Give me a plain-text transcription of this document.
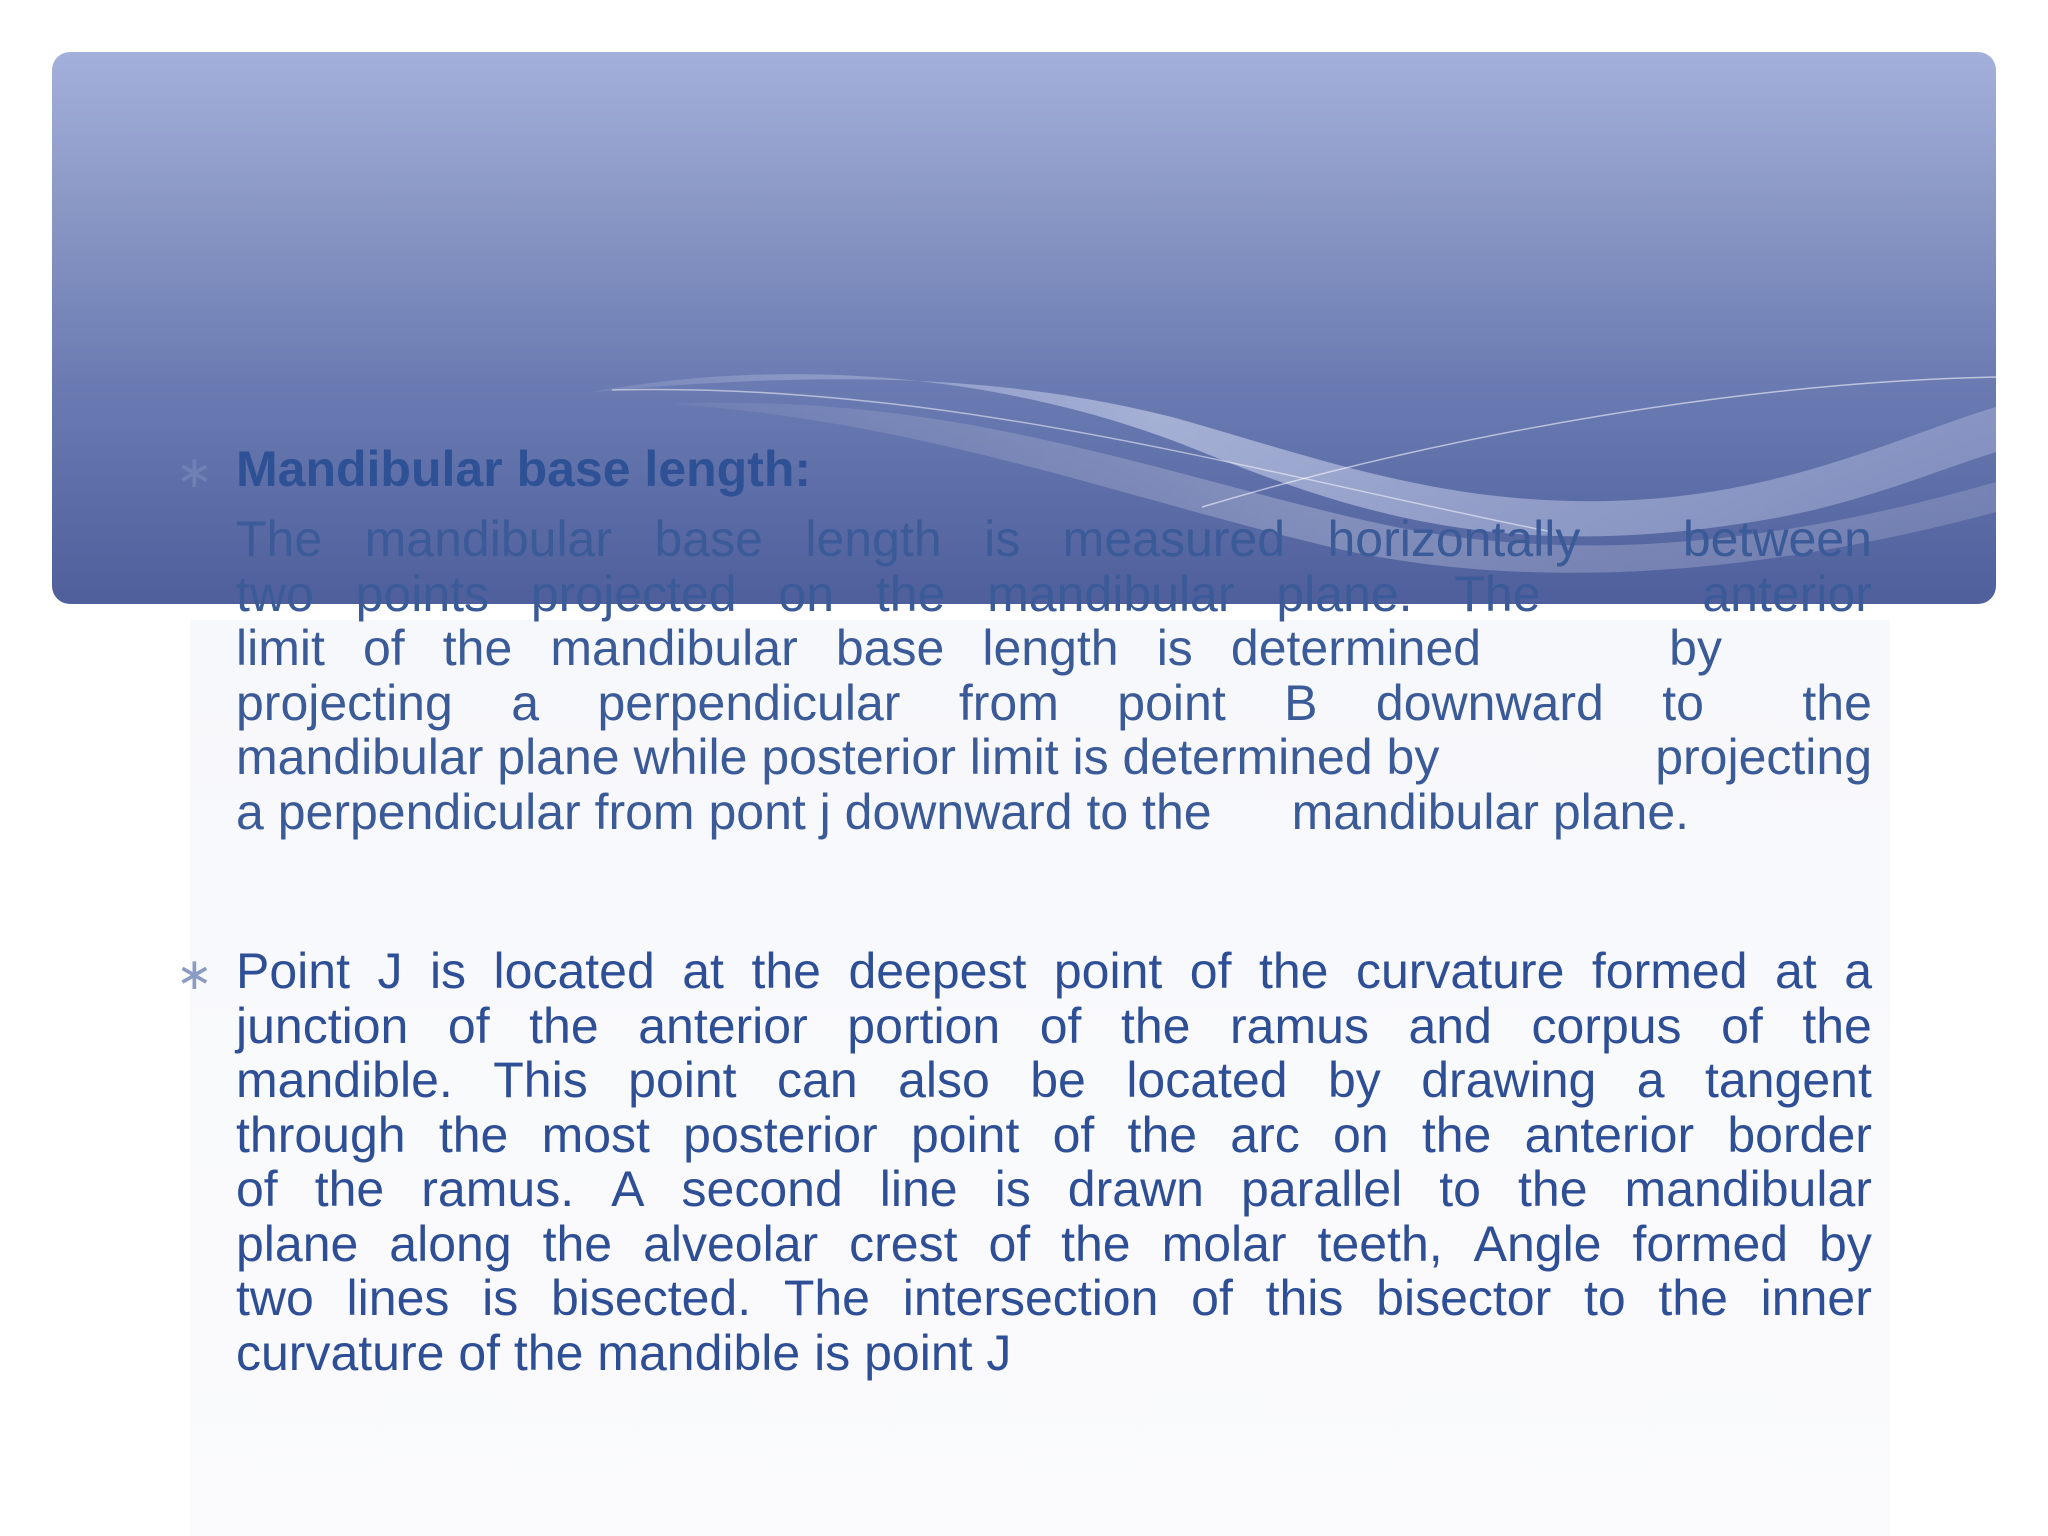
∗ Mandibular base length:
The mandibular base length is measured horizontally between
two points projected on the mandibular plane. The	anterior
limit of the mandibular base length is determined	by
projecting a perpendicular from point B downward to the
mandibular plane while posterior limit is determined by	projecting
a perpendicular from pont j downward to the mandibular plane.
∗ Point J is located at the deepest point of the curvature formed at a
junction of the anterior portion of the ramus and corpus of the
mandible. This point can also be located by drawing a tangent
through the most posterior point of the arc on the anterior border
of the ramus. A second line is drawn parallel to the mandibular
plane along the alveolar crest of the molar teeth, Angle formed by
two lines is bisected. The intersection of this bisector to the inner
curvature of the mandible is point J
